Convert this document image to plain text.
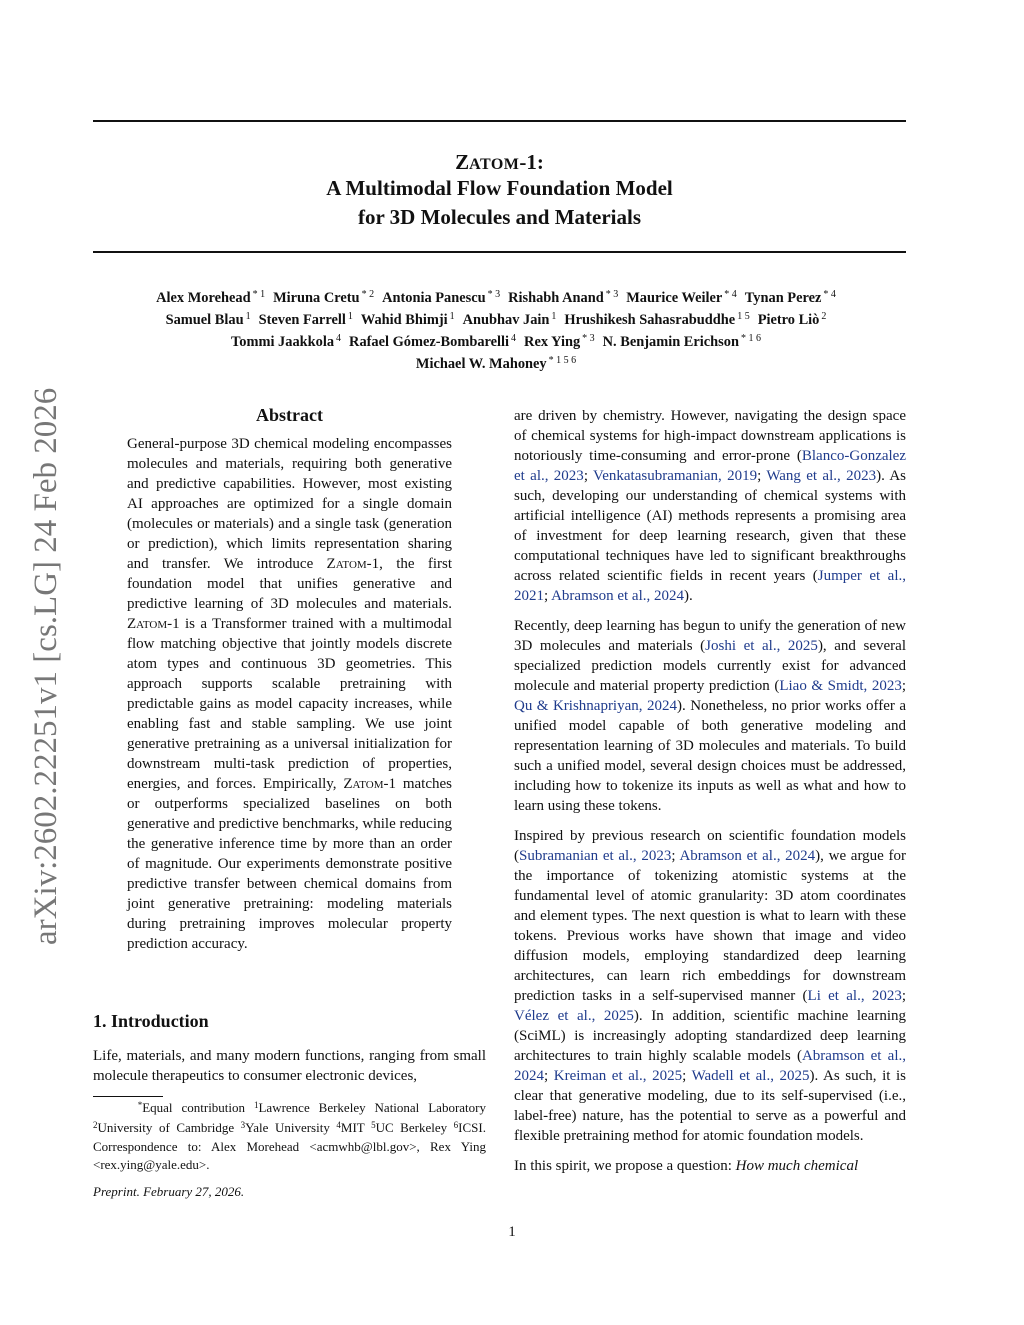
arXiv:2602.22251v1 [cs.LG] 24 Feb 2026
ZATOM-1:
A Multimodal Flow Foundation Model
for 3D Molecules and Materials
Alex Morehead $^{* 1}$ Miruna Cretu $^{* 2}$ Antonia Panescu $^{* 3}$ Rishabh Anand $^{* 3}$ Maurice Weiler $^{* 4}$ Tynan Perez $^{* 4}$
Samuel Blau $^1$ Steven Farrell $^1$ Wahid Bhimji $^1$ Anubhav Jain $^1$ Hrushikesh Sahasrabuddhe $^{1 5}$ Pietro Liò $^2$
Tommi Jaakkola $^4$ Rafael Gómez-Bombarelli $^4$ Rex Ying $^{* 3}$ N. Benjamin Erichson $^{* 1 6}$
Michael W. Mahoney $^{* 1 5 6}$
Abstract

General-purpose 3D chemical modeling encompasses molecules and materials, requiring both generative and predictive capabilities. However, most existing AI approaches are optimized for a single domain (molecules or materials) and a single task (generation or prediction), which limits representation sharing and transfer. We introduce Zatom-1, the first foundation model that unifies generative and predictive learning of 3D molecules and materials. Zatom-1 is a Transformer trained with a multimodal flow matching objective that jointly models discrete atom types and continuous 3D geometries. This approach supports scalable pretraining with predictable gains as model capacity increases, while enabling fast and stable sampling. We use joint generative pretraining as a universal initialization for downstream multi-task prediction of properties, energies, and forces. Empirically, Zatom-1 matches or outperforms specialized baselines on both generative and predictive benchmarks, while reducing the generative inference time by more than an order of magnitude. Our experiments demonstrate positive predictive transfer between chemical domains from joint generative pretraining: modeling materials during pretraining improves molecular property prediction accuracy.

1. Introduction

Life, materials, and many modern functions, ranging from small molecule therapeutics to consumer electronic devices,

*Equal contribution $^1$Lawrence Berkeley National Laboratory $^2$University of Cambridge $^3$Yale University $^4$MIT $^5$UC Berkeley $^6$ICSI. Correspondence to: Alex Morehead <acmwhb@lbl.gov>, Rex Ying <rex.ying@yale.edu>.

Preprint. February 27, 2026.

are driven by chemistry. However, navigating the design space of chemical systems for high-impact downstream applications is notoriously time-consuming and error-prone (Blanco-Gonzalez et al., 2023; Venkatasubramanian, 2019; Wang et al., 2023). As such, developing our understanding of chemical systems with artificial intelligence (AI) methods represents a promising area of investment for deep learning research, given that these computational techniques have led to significant breakthroughs across related scientific fields in recent years (Jumper et al., 2021; Abramson et al., 2024).

Recently, deep learning has begun to unify the generation of new 3D molecules and materials (Joshi et al., 2025), and several specialized prediction models currently exist for advanced molecule and material property prediction (Liao & Smidt, 2023; Qu & Krishnapriyan, 2024). Nonetheless, no prior works offer a unified model capable of both generative modeling and representation learning of 3D molecules and materials. To build such a unified model, several design choices must be addressed, including how to tokenize its inputs as well as what and how to learn using these tokens.

Inspired by previous research on scientific foundation models (Subramanian et al., 2023; Abramson et al., 2024), we argue for the importance of tokenizing atomistic systems at the fundamental level of atomic granularity: 3D atom coordinates and element types. The next question is what to learn with these tokens. Previous works have shown that image and video diffusion models, employing standardized deep learning architectures, can learn rich embeddings for downstream prediction tasks in a self-supervised manner (Li et al., 2023; Vélez et al., 2025). In addition, scientific machine learning (SciML) is increasingly adopting standardized deep learning architectures to train highly scalable models (Abramson et al., 2024; Kreiman et al., 2025; Wadell et al., 2025). As such, it is clear that generative modeling, due to its self-supervised (i.e., label-free) nature, has the potential to serve as a powerful and flexible pretraining method for atomic foundation models.

In this spirit, we propose a question: How much chemical

1
